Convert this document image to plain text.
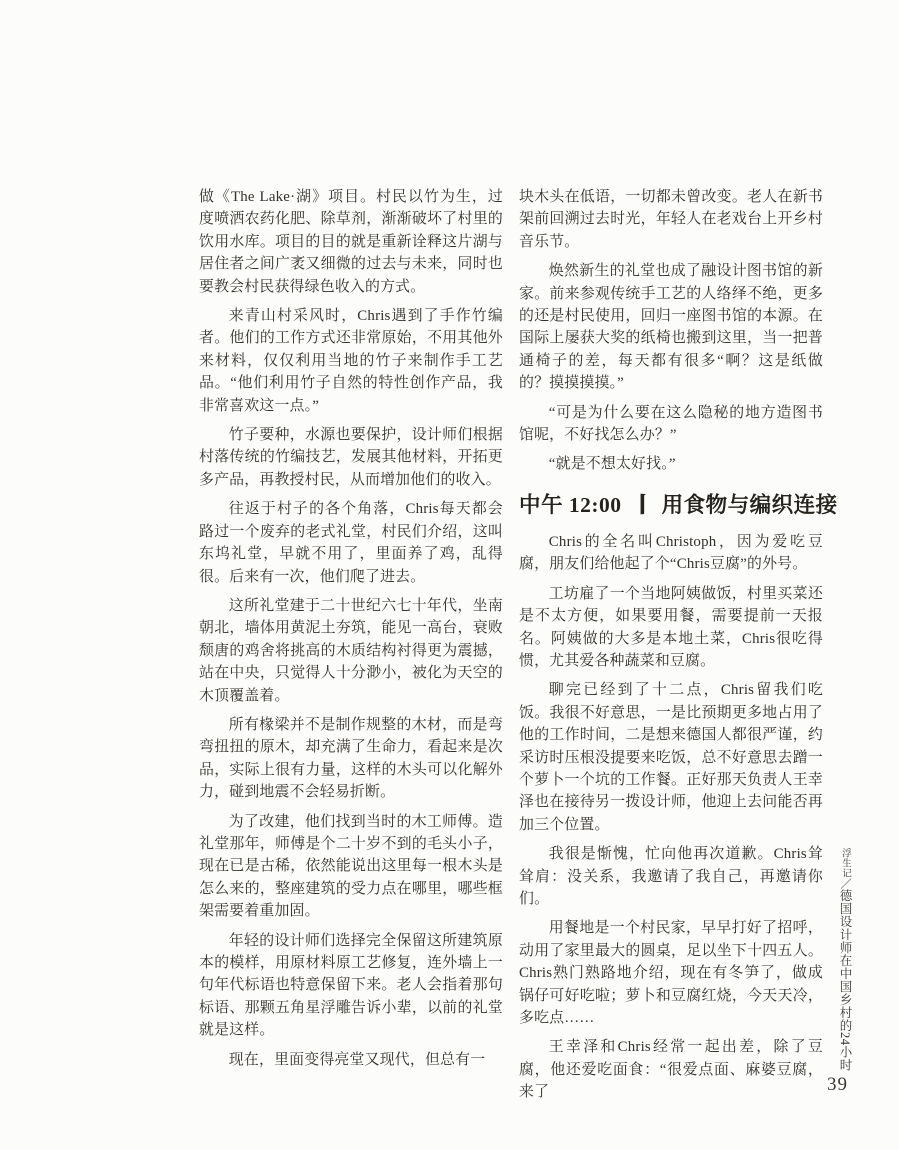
做《The Lake·湖》项目。村民以竹为生，过度喷洒农药化肥、除草剂，渐渐破坏了村里的饮用水库。项目的目的就是重新诠释这片湖与居住者之间广袤又细微的过去与未来，同时也要教会村民获得绿色收入的方式。

来青山村采风时，Chris遇到了手作竹编者。他们的工作方式还非常原始，不用其他外来材料，仅仅利用当地的竹子来制作手工艺品。“他们利用竹子自然的特性创作产品，我非常喜欢这一点。”

竹子要种，水源也要保护，设计师们根据村落传统的竹编技艺，发展其他材料，开拓更多产品，再教授村民，从而增加他们的收入。

往返于村子的各个角落，Chris每天都会路过一个废弃的老式礼堂，村民们介绍，这叫东坞礼堂，早就不用了，里面养了鸡，乱得很。后来有一次，他们爬了进去。

这所礼堂建于二十世纪六七十年代，坐南朝北，墙体用黄泥土夯筑，能见一高台，衰败颓唐的鸡舍将挑高的木质结构衬得更为震撼，站在中央，只觉得人十分渺小，被化为天空的木顶覆盖着。

所有椽梁并不是制作规整的木材，而是弯弯扭扭的原木，却充满了生命力，看起来是次品，实际上很有力量，这样的木头可以化解外力，碰到地震不会轻易折断。

为了改建，他们找到当时的木工师傅。造礼堂那年，师傅是个二十岁不到的毛头小子，现在已是古稀，依然能说出这里每一根木头是怎么来的，整座建筑的受力点在哪里，哪些框架需要着重加固。

年轻的设计师们选择完全保留这所建筑原本的模样，用原材料原工艺修复，连外墙上一句年代标语也特意保留下来。老人会指着那句标语、那颗五角星浮雕告诉小辈，以前的礼堂就是这样。

现在，里面变得亮堂又现代，但总有一

块木头在低语，一切都未曾改变。老人在新书架前回溯过去时光，年轻人在老戏台上开乡村音乐节。

焕然新生的礼堂也成了融设计图书馆的新家。前来参观传统手工艺的人络绎不绝，更多的还是村民使用，回归一座图书馆的本源。在国际上屡获大奖的纸椅也搬到这里，当一把普通椅子的差，每天都有很多“啊？这是纸做的？摸摸摸摸。”

“可是为什么要在这么隐秘的地方造图书馆呢，不好找怎么办？”

“就是不想太好找。”

中午 12:00 丨用食物与编织连接

Chris的全名叫Christoph，因为爱吃豆腐，朋友们给他起了个“Chris豆腐”的外号。

工坊雇了一个当地阿姨做饭，村里买菜还是不太方便，如果要用餐，需要提前一天报名。阿姨做的大多是本地土菜，Chris很吃得惯，尤其爱各种蔬菜和豆腐。

聊完已经到了十二点，Chris留我们吃饭。我很不好意思，一是比预期更多地占用了他的工作时间，二是想来德国人都很严谨，约采访时压根没提要来吃饭，总不好意思去蹭一个萝卜一个坑的工作餐。正好那天负责人王幸泽也在接待另一拨设计师，他迎上去问能否再加三个位置。

我很是惭愧，忙向他再次道歉。Chris耸耸肩：没关系，我邀请了我自己，再邀请你们。

用餐地是一个村民家，早早打好了招呼，动用了家里最大的圆桌，足以坐下十四五人。Chris熟门熟路地介绍，现在有冬笋了，做成锅仔可好吃啦；萝卜和豆腐红烧，今天天冷，多吃点……

王幸泽和Chris经常一起出差，除了豆腐，他还爱吃面食：“很爱点面、麻婆豆腐，来了

浮生记／德国设计师在中国乡村的24小时
39
